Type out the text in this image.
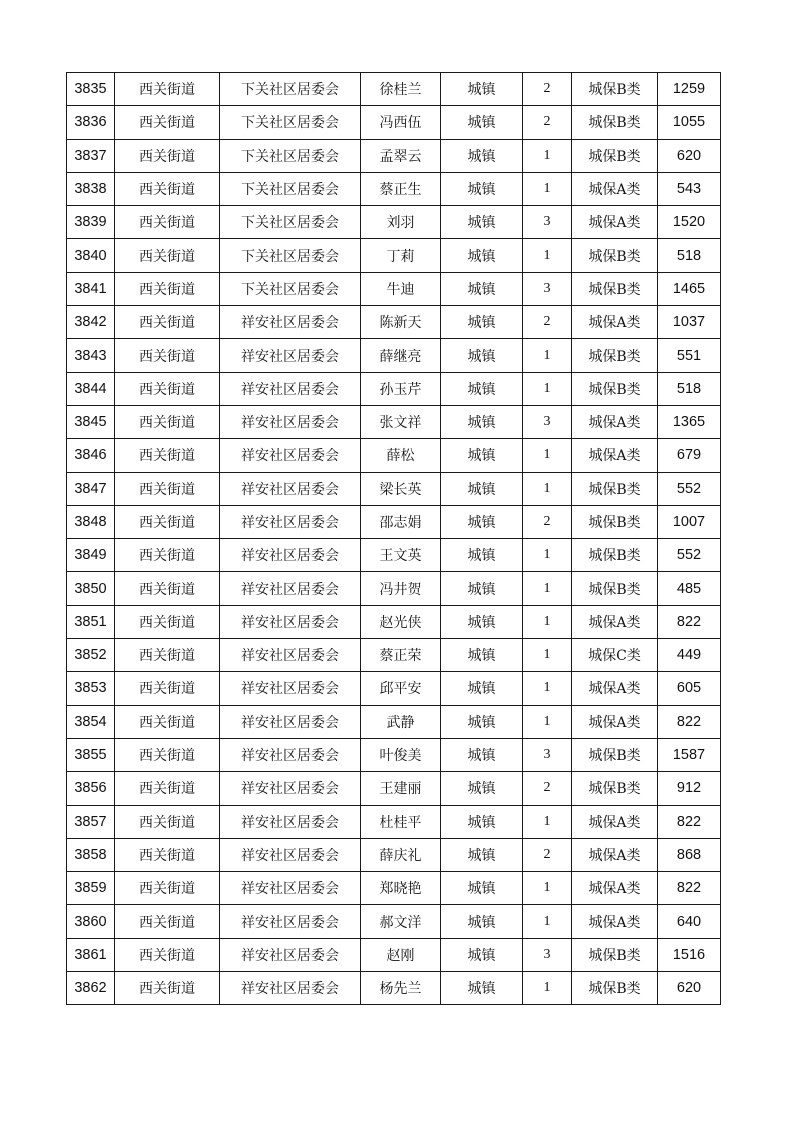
3835	西关街道	下关社区居委会	徐桂兰	城镇	2	城保B类	1259
3836	西关街道	下关社区居委会	冯西伍	城镇	2	城保B类	1055
3837	西关街道	下关社区居委会	孟翠云	城镇	1	城保B类	620
3838	西关街道	下关社区居委会	蔡正生	城镇	1	城保A类	543
3839	西关街道	下关社区居委会	刘羽	城镇	3	城保A类	1520
3840	西关街道	下关社区居委会	丁莉	城镇	1	城保B类	518
3841	西关街道	下关社区居委会	牛迪	城镇	3	城保B类	1465
3842	西关街道	祥安社区居委会	陈新天	城镇	2	城保A类	1037
3843	西关街道	祥安社区居委会	薛继亮	城镇	1	城保B类	551
3844	西关街道	祥安社区居委会	孙玉芹	城镇	1	城保B类	518
3845	西关街道	祥安社区居委会	张文祥	城镇	3	城保A类	1365
3846	西关街道	祥安社区居委会	薛松	城镇	1	城保A类	679
3847	西关街道	祥安社区居委会	梁长英	城镇	1	城保B类	552
3848	西关街道	祥安社区居委会	邵志娟	城镇	2	城保B类	1007
3849	西关街道	祥安社区居委会	王文英	城镇	1	城保B类	552
3850	西关街道	祥安社区居委会	冯井贺	城镇	1	城保B类	485
3851	西关街道	祥安社区居委会	赵光侠	城镇	1	城保A类	822
3852	西关街道	祥安社区居委会	蔡正荣	城镇	1	城保C类	449
3853	西关街道	祥安社区居委会	邱平安	城镇	1	城保A类	605
3854	西关街道	祥安社区居委会	武静	城镇	1	城保A类	822
3855	西关街道	祥安社区居委会	叶俊美	城镇	3	城保B类	1587
3856	西关街道	祥安社区居委会	王建丽	城镇	2	城保B类	912
3857	西关街道	祥安社区居委会	杜桂平	城镇	1	城保A类	822
3858	西关街道	祥安社区居委会	薛庆礼	城镇	2	城保A类	868
3859	西关街道	祥安社区居委会	郑晓艳	城镇	1	城保A类	822
3860	西关街道	祥安社区居委会	郝文洋	城镇	1	城保A类	640
3861	西关街道	祥安社区居委会	赵刚	城镇	3	城保B类	1516
3862	西关街道	祥安社区居委会	杨先兰	城镇	1	城保B类	620
